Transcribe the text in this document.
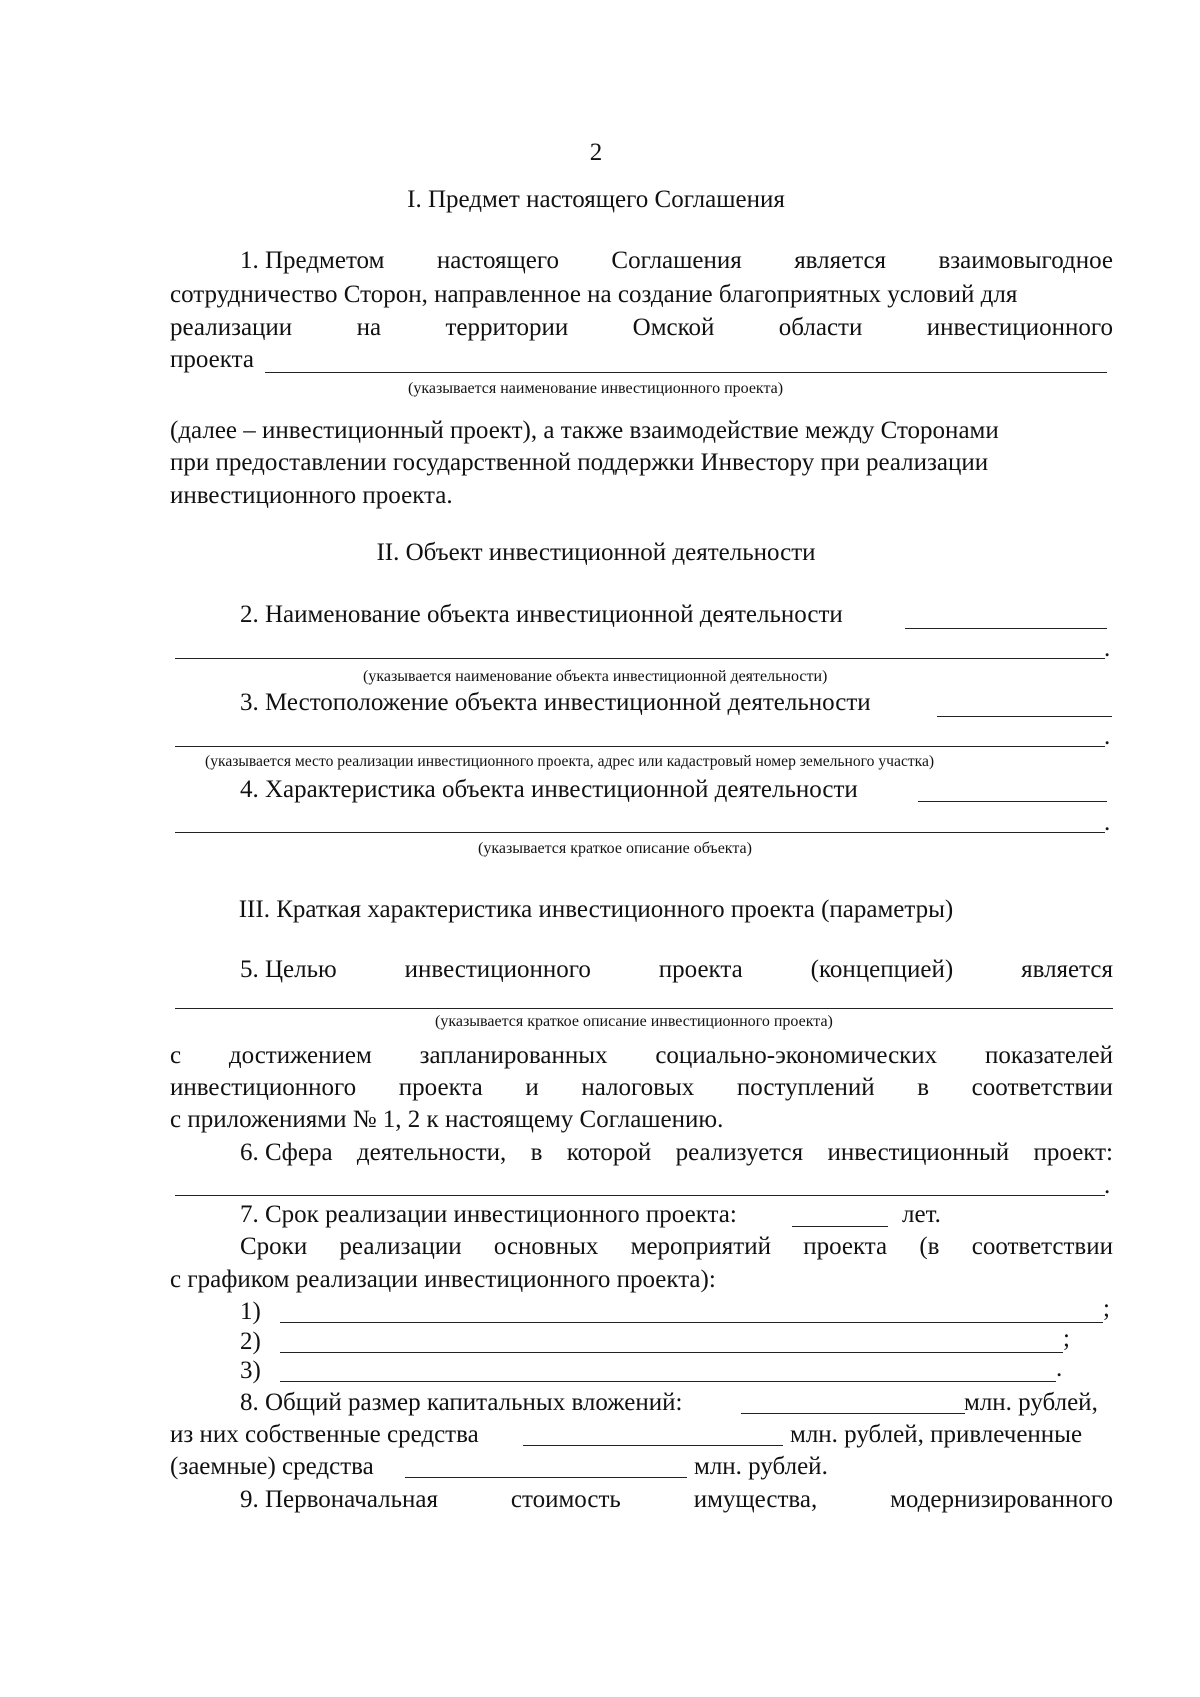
2
I. Предмет настоящего Соглашения
1. Предметом настоящего Соглашения является взаимовыгодное
сотрудничество Сторон, направленное на создание благоприятных условий для
реализации	на	территории	Омской	области	инвестиционного
проекта
(указывается наименование инвестиционного проекта)
(далее – инвестиционный проект), а также взаимодействие между Сторонами
при предоставлении государственной поддержки Инвестору при реализации
инвестиционного проекта.
II. Объект инвестиционной деятельности
2. Наименование объекта инвестиционной деятельности
.
(указывается наименование объекта инвестиционной деятельности)
3. Местоположение объекта инвестиционной деятельности
.
(указывается место реализации инвестиционного проекта, адрес или кадастровый номер земельного участка)
4. Характеристика объекта инвестиционной деятельности
.
(указывается краткое описание объекта)
III. Краткая характеристика инвестиционного проекта (параметры)
5. Целью	инвестиционного	проекта	(концепцией)	является
(указывается краткое описание инвестиционного проекта)
с достижением запланированных социально-экономических показателей
инвестиционного проекта и налоговых поступлений в соответствии
с приложениями № 1, 2 к настоящему Соглашению.
6. Сфера деятельности, в которой реализуется инвестиционный проект:
.
7. Срок реализации инвестиционного проекта:	лет.
Сроки реализации основных мероприятий проекта (в соответствии
с графиком реализации инвестиционного проекта):
1)	;
2)	;
3)	.
8. Общий размер капитальных вложений:	млн. рублей,
из них собственные средства	млн. рублей, привлеченные
(заемные) средства	млн. рублей.
9. Первоначальная	стоимость	имущества,	модернизированного
